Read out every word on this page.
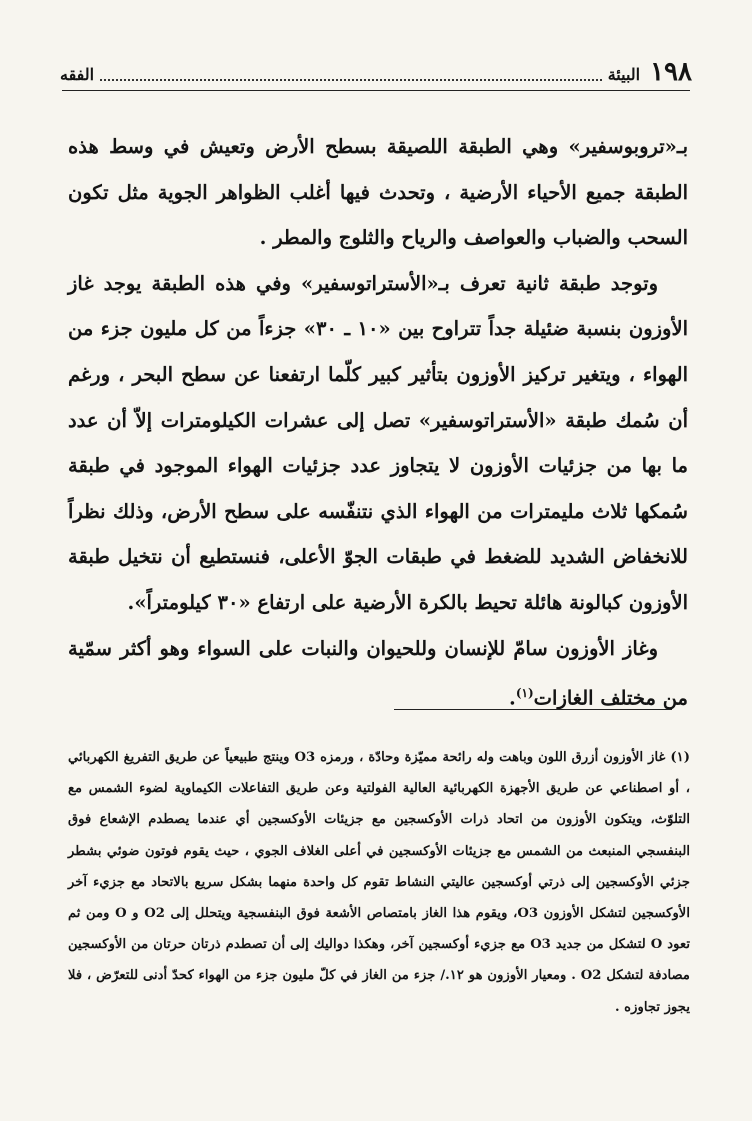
١٩٨
البيئة
الفقه

بـ«تروبوسفير» وهي الطبقة اللصيقة بسطح الأرض وتعيش في وسط هذه الطبقة جميع الأحياء الأرضية ، وتحدث فيها أغلب الظواهر الجوية مثل تكون السحب والضباب والعواصف والرياح والثلوج والمطر .

وتوجد طبقة ثانية تعرف بـ«الأستراتوسفير» وفي هذه الطبقة يوجد غاز الأوزون بنسبة ضئيلة جداً تتراوح بين «١٠ ـ ٣٠» جزءاً من كل مليون جزء من الهواء ، ويتغير تركيز الأوزون بتأثير كبير كلّما ارتفعنا عن سطح البحر ، ورغم أن سُمك طبقة «الأستراتوسفير» تصل إلى عشرات الكيلومترات إلاّ أن عدد ما بها من جزئيات الأوزون لا يتجاوز عدد جزئيات الهواء الموجود في طبقة سُمكها ثلاث مليمترات من الهواء الذي نتنفّسه على سطح الأرض، وذلك نظراً للانخفاض الشديد للضغط في طبقات الجوّ الأعلى، فنستطيع أن نتخيل طبقة الأوزون كبالونة هائلة تحيط بالكرة الأرضية على ارتفاع «٣٠ كيلومتراً».

وغاز الأوزون سامّ للإنسان وللحيوان والنبات على السواء وهو أكثر سمّية من مختلف الغازات$^{(١)}$.

(١) غاز الأوزون أزرق اللون وباهت وله رائحة مميّزة وحادّة ، ورمزه O3 وينتج طبيعياً عن طريق التفريغ الكهربائي ، أو اصطناعي عن طريق الأجهزة الكهربائية العالية الفولتية وعن طريق التفاعلات الكيماوية لضوء الشمس مع التلوّث، ويتكون الأوزون من اتحاد ذرات الأوكسجين مع جزيئات الأوكسجين أي عندما يصطدم الإشعاع فوق البنفسجي المنبعث من الشمس مع جزيئات الأوكسجين في أعلى الغلاف الجوي ، حيث يقوم فوتون ضوئي بشطر جزئي الأوكسجين إلى ذرتي أوكسجين عاليتي النشاط تقوم كل واحدة منهما بشكل سريع بالاتحاد مع جزيء آخر الأوكسجين لتشكل الأوزون O3، ويقوم هذا الغاز بامتصاص الأشعة فوق البنفسجية ويتحلل إلى O2 و O ومن ثم تعود O لتشكل من جديد O3 مع جزيء أوكسجين آخر، وهكذا دواليك إلى أن تصطدم ذرتان حرتان من الأوكسجين مصادفة لتشكل O2 . ومعيار الأوزون هو ١٢./ جزء من الغاز في كلّ مليون جزء من الهواء كحدّ أدنى للتعرّض ، فلا يجوز تجاوزه .
